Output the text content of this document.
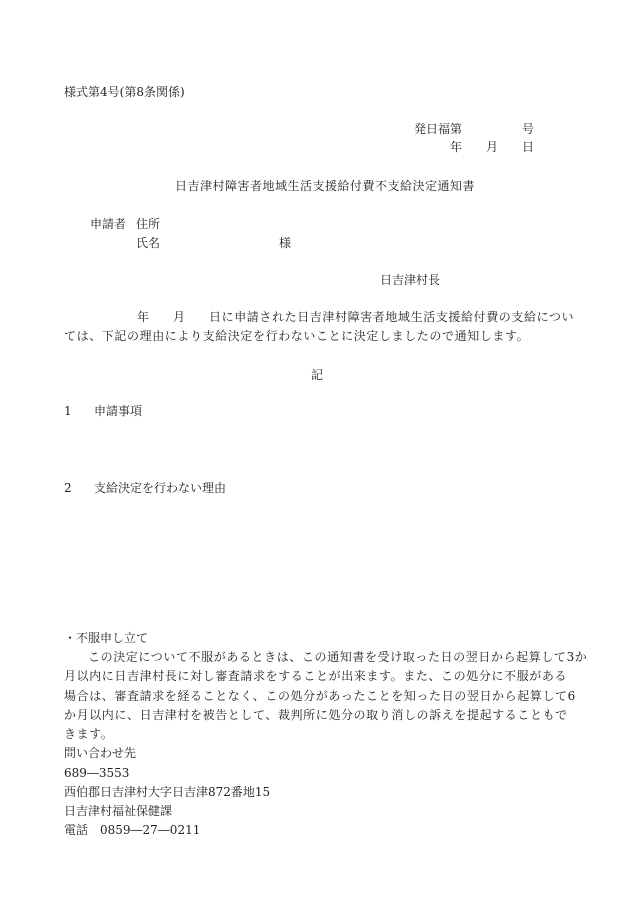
様式第4号(第8条関係)
発日福第	号
年 月 日
日吉津村障害者地域生活支援給付費不支給決定通知書
申請者 住所
氏名	様
日吉津村長
年 月 日に申請された日吉津村障害者地域生活支援給付費の支給につい
ては、下記の理由により支給決定を行わないことに決定しましたので通知します。
記
1 申請事項
2 支給決定を行わない理由
・不服申し立て
この決定について不服があるときは、この通知書を受け取った日の翌日から起算して3か
月以内に日吉津村長に対し審査請求をすることが出来ます。また、この処分に不服がある
場合は、審査請求を経ることなく、この処分があったことを知った日の翌日から起算して6
か月以内に、日吉津村を被告として、裁判所に処分の取り消しの訴えを提起することもで
きます。
問い合わせ先
689―3553
西伯郡日吉津村大字日吉津872番地15
日吉津村福祉保健課
電話 0859―27―0211
